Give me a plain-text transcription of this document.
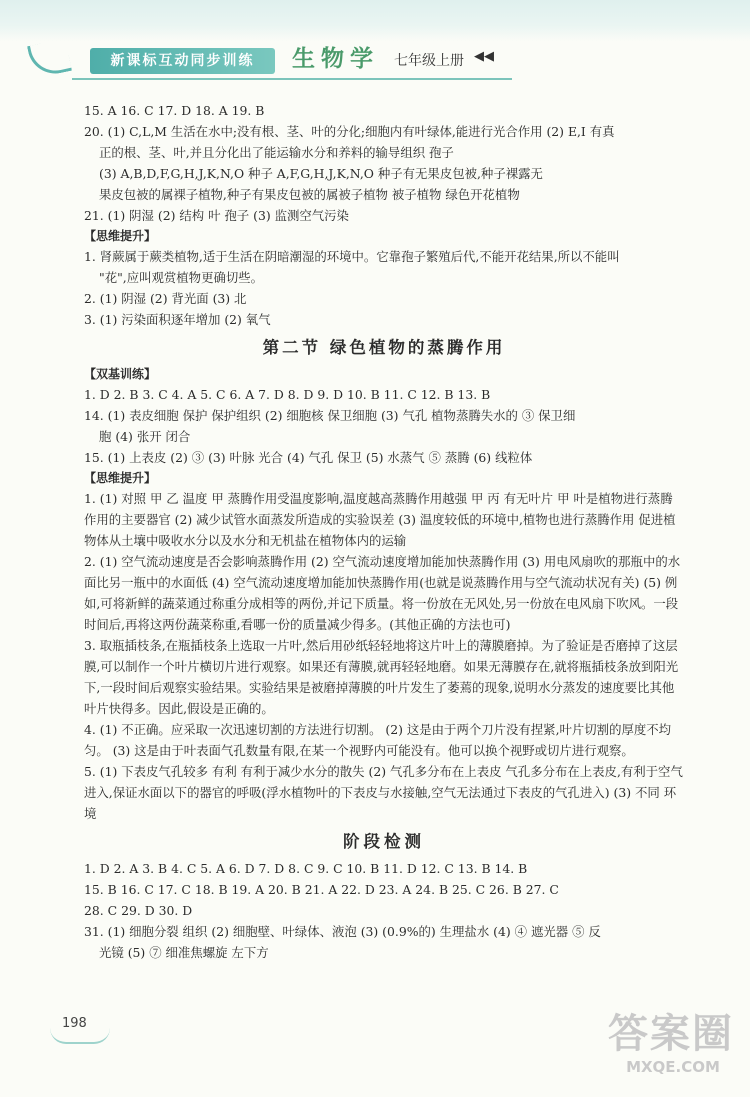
新课标互动同步训练	生物学 七年级上册 ◀◀
15. A 16. C 17. D 18. A 19. B
20. (1) C,L,M 生活在水中;没有根、茎、叶的分化;细胞内有叶绿体,能进行光合作用 (2) E,I 有真
正的根、茎、叶,并且分化出了能运输水分和养料的输导组织 孢子
(3) A,B,D,F,G,H,J,K,N,O 种子 A,F,G,H,J,K,N,O 种子有无果皮包被,种子裸露无
果皮包被的属裸子植物,种子有果皮包被的属被子植物 被子植物 绿色开花植物
21. (1) 阴湿 (2) 结构 叶 孢子 (3) 监测空气污染
【思维提升】
1. 肾蕨属于蕨类植物,适于生活在阴暗潮湿的环境中。它靠孢子繁殖后代,不能开花结果,所以不能叫
"花",应叫观赏植物更确切些。
2. (1) 阴湿 (2) 背光面 (3) 北
3. (1) 污染面积逐年增加 (2) 氧气
第二节 绿色植物的蒸腾作用
【双基训练】
1. D 2. B 3. C 4. A 5. C 6. A 7. D 8. D 9. D 10. B 11. C 12. B 13. B
14. (1) 表皮细胞 保护 保护组织 (2) 细胞核 保卫细胞 (3) 气孔 植物蒸腾失水的 ③ 保卫细
胞 (4) 张开 闭合
15. (1) 上表皮 (2) ③ (3) 叶脉 光合 (4) 气孔 保卫 (5) 水蒸气 ⑤ 蒸腾 (6) 线粒体
【思维提升】
1. (1) 对照 甲 乙 温度 甲 蒸腾作用受温度影响,温度越高蒸腾作用越强 甲 丙 有无叶片 甲 叶是植物进行蒸腾作用的主要器官 (2) 减少试管水面蒸发所造成的实验误差 (3) 温度较低的环境中,植物也进行蒸腾作用 促进植物体从土壤中吸收水分以及水分和无机盐在植物体内的运输
2. (1) 空气流动速度是否会影响蒸腾作用 (2) 空气流动速度增加能加快蒸腾作用 (3) 用电风扇吹的那瓶中的水面比另一瓶中的水面低 (4) 空气流动速度增加能加快蒸腾作用(也就是说蒸腾作用与空气流动状况有关) (5) 例如,可将新鲜的蔬菜通过称重分成相等的两份,并记下质量。将一份放在无风处,另一份放在电风扇下吹风。一段时间后,再将这两份蔬菜称重,看哪一份的质量减少得多。(其他正确的方法也可)
3. 取瓶插枝条,在瓶插枝条上选取一片叶,然后用砂纸轻轻地将这片叶上的薄膜磨掉。为了验证是否磨掉了这层膜,可以制作一个叶片横切片进行观察。如果还有薄膜,就再轻轻地磨。如果无薄膜存在,就将瓶插枝条放到阳光下,一段时间后观察实验结果。实验结果是被磨掉薄膜的叶片发生了萎蔫的现象,说明水分蒸发的速度要比其他叶片快得多。因此,假设是正确的。
4. (1) 不正确。应采取一次迅速切割的方法进行切割。 (2) 这是由于两个刀片没有捏紧,叶片切割的厚度不均匀。 (3) 这是由于叶表面气孔数量有限,在某一个视野内可能没有。他可以换个视野或切片进行观察。
5. (1) 下表皮气孔较多 有利 有利于减少水分的散失 (2) 气孔多分布在上表皮 气孔多分布在上表皮,有利于空气进入,保证水面以下的器官的呼吸(浮水植物叶的下表皮与水接触,空气无法通过下表皮的气孔进入) (3) 不同 环境
阶段检测
1. D 2. A 3. B 4. C 5. A 6. D 7. D 8. C 9. C 10. B 11. D 12. C 13. B 14. B
15. B 16. C 17. C 18. B 19. A 20. B 21. A 22. D 23. A 24. B 25. C 26. B 27. C
28. C 29. D 30. D
31. (1) 细胞分裂 组织 (2) 细胞壁、叶绿体、液泡 (3) (0.9%的) 生理盐水 (4) ④ 遮光器 ⑤ 反
光镜 (5) ⑦ 细准焦螺旋 左下方
198	答案圈
MXQE.COM
